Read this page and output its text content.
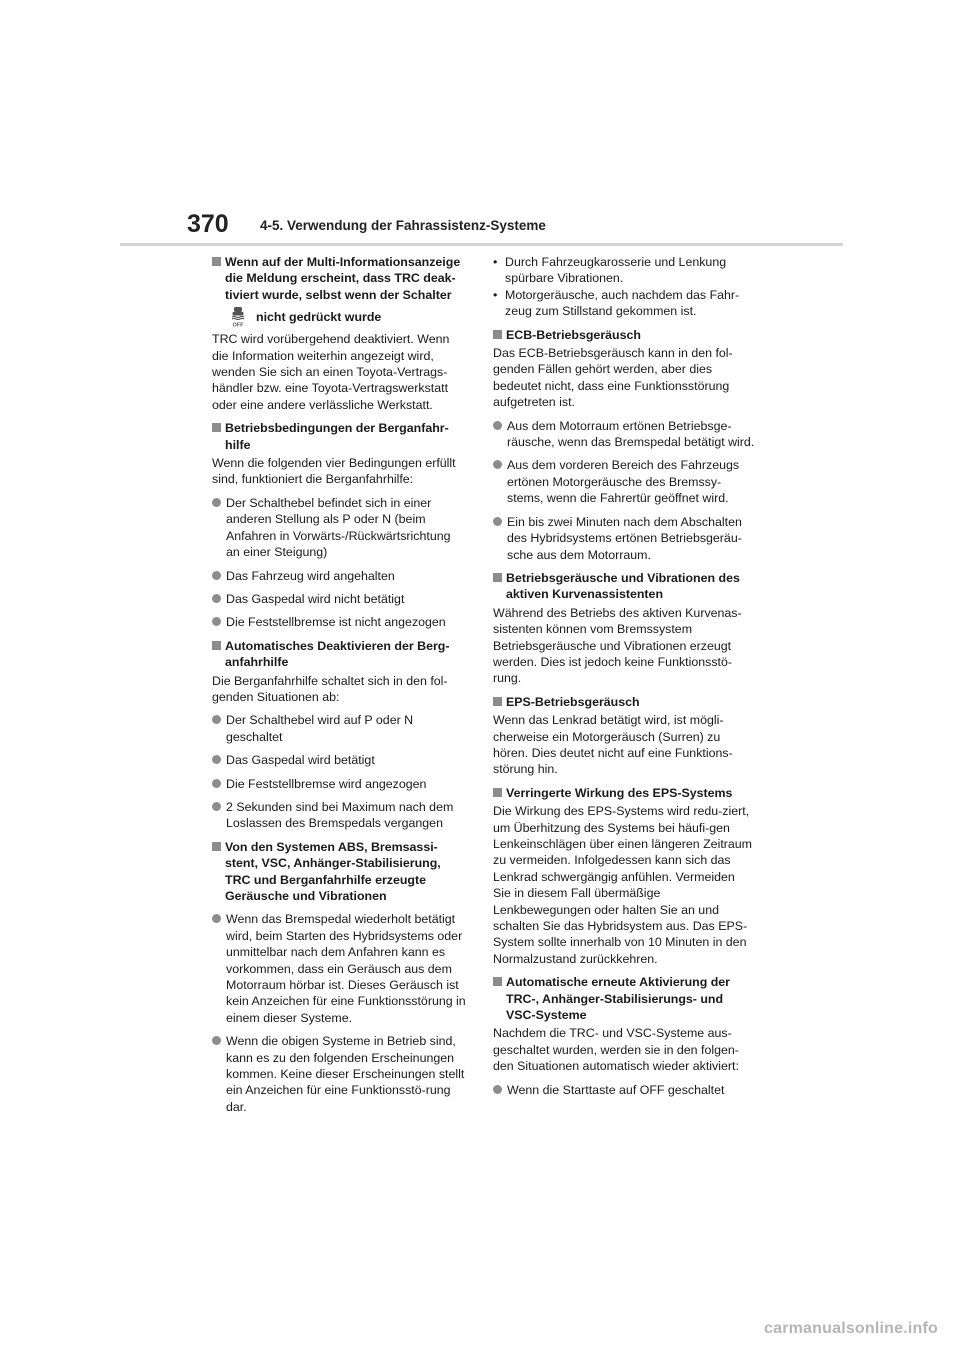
370 4-5. Verwendung der Fahrassistenz-Systeme
Wenn auf der Multi-Informationsanzeige die Meldung erscheint, dass TRC deak-tiviert wurde, selbst wenn der Schalter
OFF
nicht gedrückt wurde
TRC wird vorübergehend deaktiviert. Wenn die Information weiterhin angezeigt wird, wenden Sie sich an einen Toyota-Vertrags-händler bzw. eine Toyota-Vertragswerkstatt oder eine andere verlässliche Werkstatt.
Betriebsbedingungen der Berganfahr-hilfe
Wenn die folgenden vier Bedingungen erfüllt sind, funktioniert die Berganfahrhilfe:
Der Schalthebel befindet sich in einer anderen Stellung als P oder N (beim Anfahren in Vorwärts-/Rückwärtsrichtung an einer Steigung)
Das Fahrzeug wird angehalten
Das Gaspedal wird nicht betätigt
Die Feststellbremse ist nicht angezogen
Automatisches Deaktivieren der Berg-anfahrhilfe
Die Berganfahrhilfe schaltet sich in den fol-genden Situationen ab:
Der Schalthebel wird auf P oder N geschaltet
Das Gaspedal wird betätigt
Die Feststellbremse wird angezogen
2 Sekunden sind bei Maximum nach dem Loslassen des Bremspedals vergangen
Von den Systemen ABS, Bremsassi-stent, VSC, Anhänger-Stabilisierung, TRC und Berganfahrhilfe erzeugte Geräusche und Vibrationen
Wenn das Bremspedal wiederholt betätigt wird, beim Starten des Hybridsystems oder unmittelbar nach dem Anfahren kann es vorkommen, dass ein Geräusch aus dem Motorraum hörbar ist. Dieses Geräusch ist kein Anzeichen für eine Funktionsstörung in einem dieser Systeme.
Wenn die obigen Systeme in Betrieb sind, kann es zu den folgenden Erscheinungen kommen. Keine dieser Erscheinungen stellt ein Anzeichen für eine Funktionsstö-rung dar.
• Durch Fahrzeugkarosserie und Lenkung spürbare Vibrationen.
• Motorgeräusche, auch nachdem das Fahr-zeug zum Stillstand gekommen ist.
ECB-Betriebsgeräusch
Das ECB-Betriebsgeräusch kann in den fol-genden Fällen gehört werden, aber dies bedeutet nicht, dass eine Funktionsstörung aufgetreten ist.
Aus dem Motorraum ertönen Betriebsge-räusche, wenn das Bremspedal betätigt wird.
Aus dem vorderen Bereich des Fahrzeugs ertönen Motorgeräusche des Bremssy-stems, wenn die Fahrertür geöffnet wird.
Ein bis zwei Minuten nach dem Abschalten des Hybridsystems ertönen Betriebsgeräu-sche aus dem Motorraum.
Betriebsgeräusche und Vibrationen des aktiven Kurvenassistenten
Während des Betriebs des aktiven Kurvenas-sistenten können vom Bremssystem Betriebsgeräusche und Vibrationen erzeugt werden. Dies ist jedoch keine Funktionsstö-rung.
EPS-Betriebsgeräusch
Wenn das Lenkrad betätigt wird, ist mögli-cherweise ein Motorgeräusch (Surren) zu hören. Dies deutet nicht auf eine Funktions-störung hin.
Verringerte Wirkung des EPS-Systems
Die Wirkung des EPS-Systems wird redu-ziert, um Überhitzung des Systems bei häufi-gen Lenkeinschlägen über einen längeren Zeitraum zu vermeiden. Infolgedessen kann sich das Lenkrad schwergängig anfühlen. Vermeiden Sie in diesem Fall übermäßige Lenkbewegungen oder halten Sie an und schalten Sie das Hybridsystem aus. Das EPS-System sollte innerhalb von 10 Minuten in den Normalzustand zurückkehren.
Automatische erneute Aktivierung der TRC-, Anhänger-Stabilisierungs- und VSC-Systeme
Nachdem die TRC- und VSC-Systeme aus-geschaltet wurden, werden sie in den folgen-den Situationen automatisch wieder aktiviert:
Wenn die Starttaste auf OFF geschaltet
carmanualsonline.info
